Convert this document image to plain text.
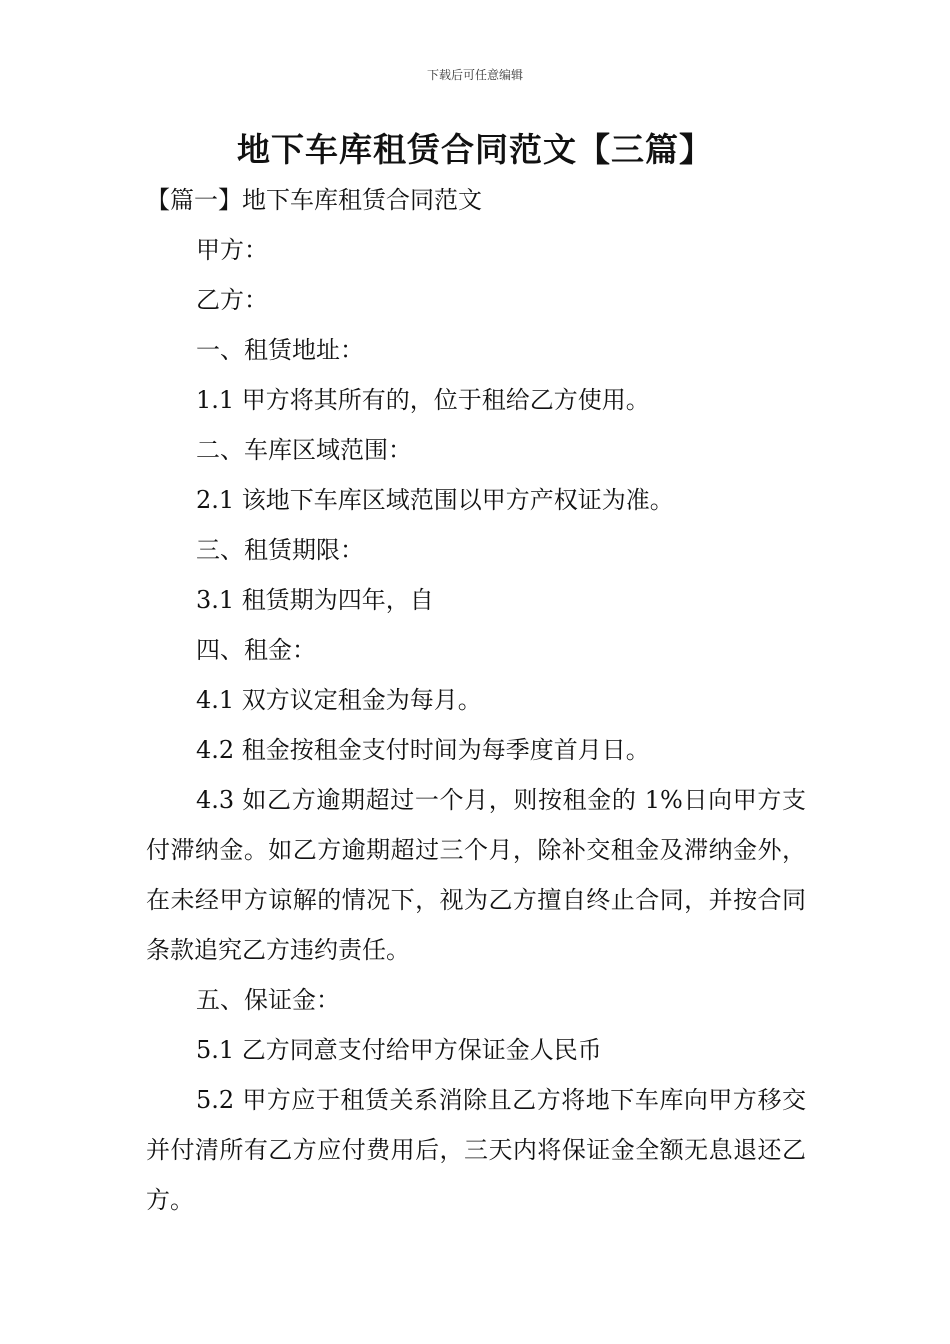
下载后可任意编辑
地下车库租赁合同范文【三篇】

【篇一】地下车库租赁合同范文

甲方：

乙方：

一、租赁地址：

1.1 甲方将其所有的，位于租给乙方使用。

二、车库区域范围：

2.1 该地下车库区域范围以甲方产权证为准。

三、租赁期限：

3.1 租赁期为四年，自

四、租金：

4.1 双方议定租金为每月。

4.2 租金按租金支付时间为每季度首月日。

4.3 如乙方逾期超过一个月，则按租金的 1%日向甲方支付滞纳金。如乙方逾期超过三个月，除补交租金及滞纳金外，在未经甲方谅解的情况下，视为乙方擅自终止合同，并按合同条款追究乙方违约责任。

五、保证金：

5.1 乙方同意支付给甲方保证金人民币

5.2 甲方应于租赁关系消除且乙方将地下车库向甲方移交并付清所有乙方应付费用后，三天内将保证金全额无息退还乙方。
